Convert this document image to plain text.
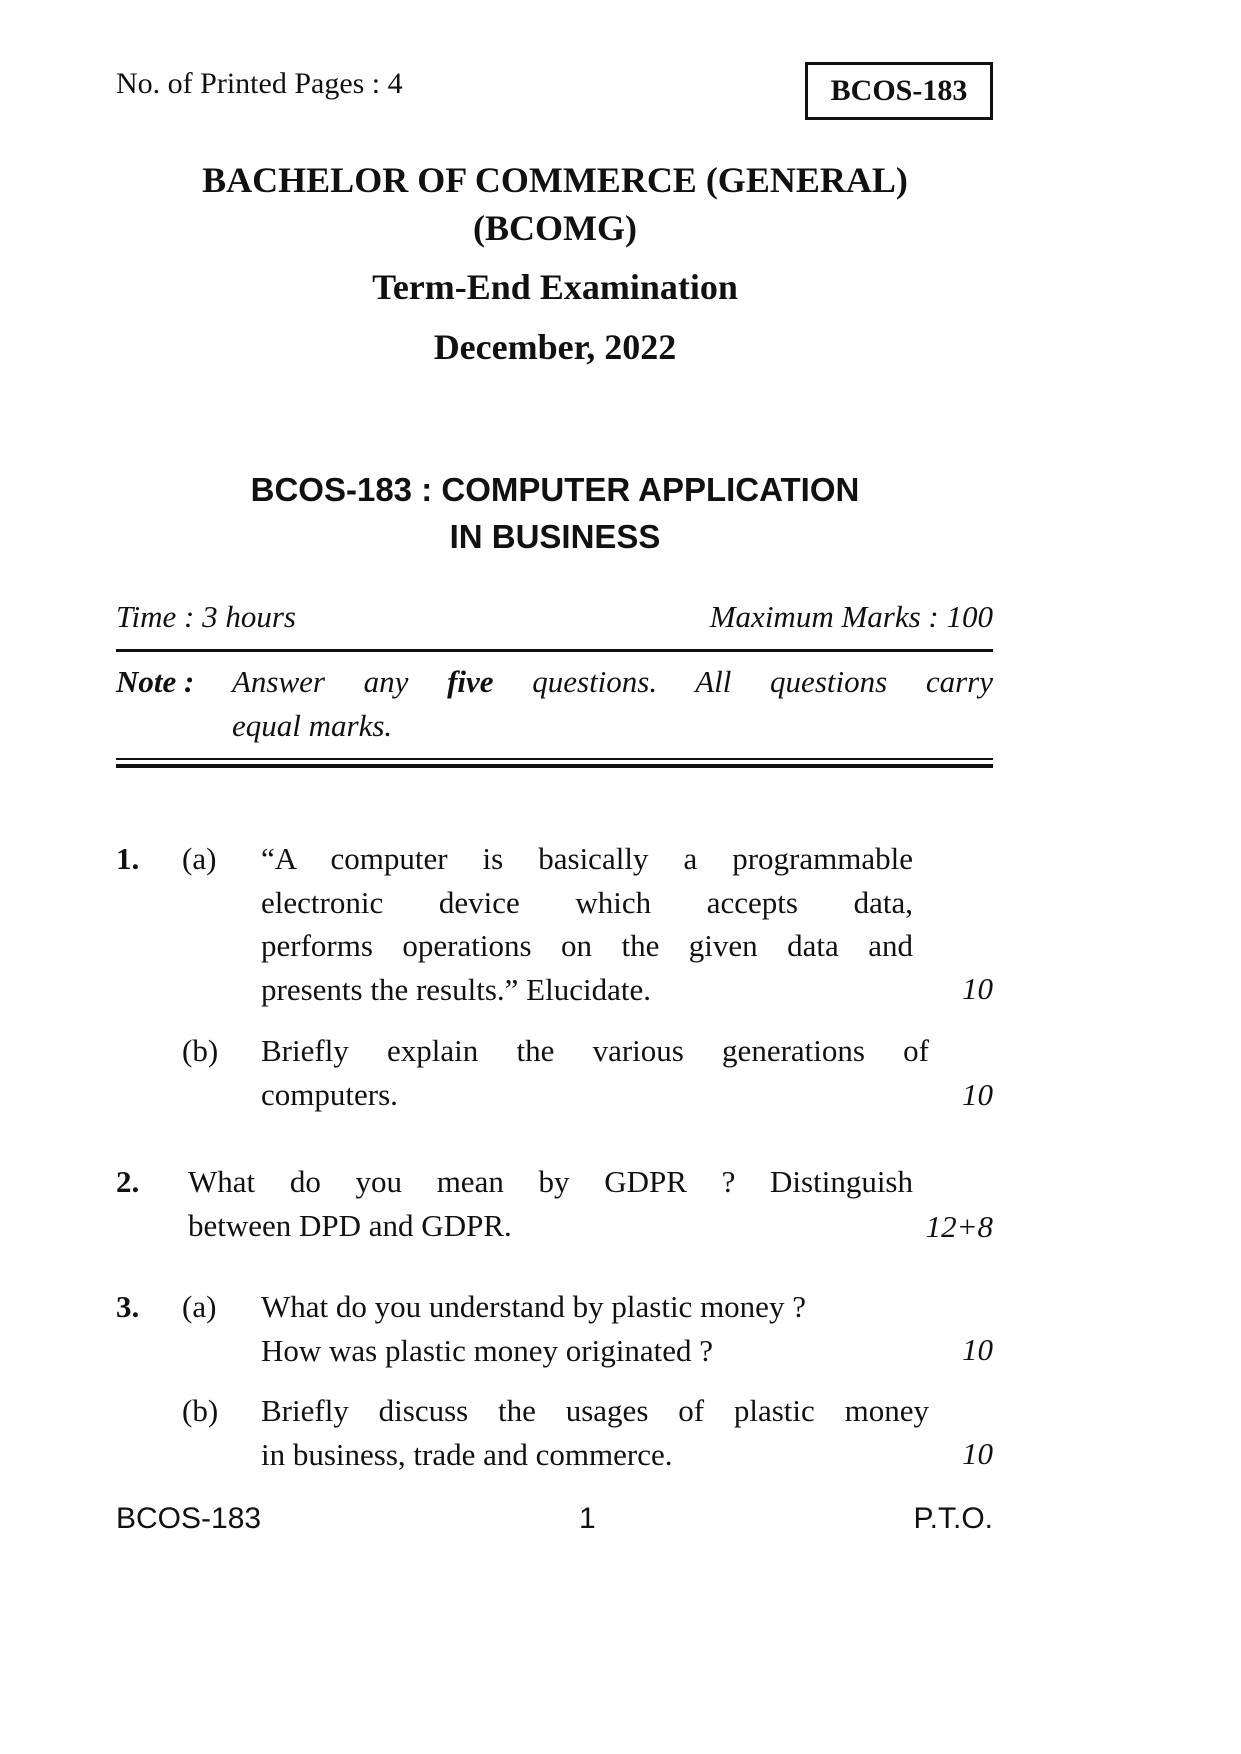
No. of Printed Pages : 4	BCOS-183
BACHELOR OF COMMERCE (GENERAL)
(BCOMG)
Term-End Examination
December, 2022
BCOS-183 : COMPUTER APPLICATION
IN BUSINESS
Time : 3 hours	Maximum Marks : 100
Note : Answer any five questions. All questions carry
equal marks.
1. (a) “A computer is basically a programmable
electronic device which accepts data,
performs operations on the given data and
presents the results.” Elucidate.	10
(b) Briefly explain the various generations of
computers.	10
2. What do you mean by GDPR ? Distinguish
between DPD and GDPR.	12+8
3. (a) What do you understand by plastic money ?
How was plastic money originated ?	10
(b) Briefly discuss the usages of plastic money
in business, trade and commerce.	10
BCOS-183	1	P.T.O.
